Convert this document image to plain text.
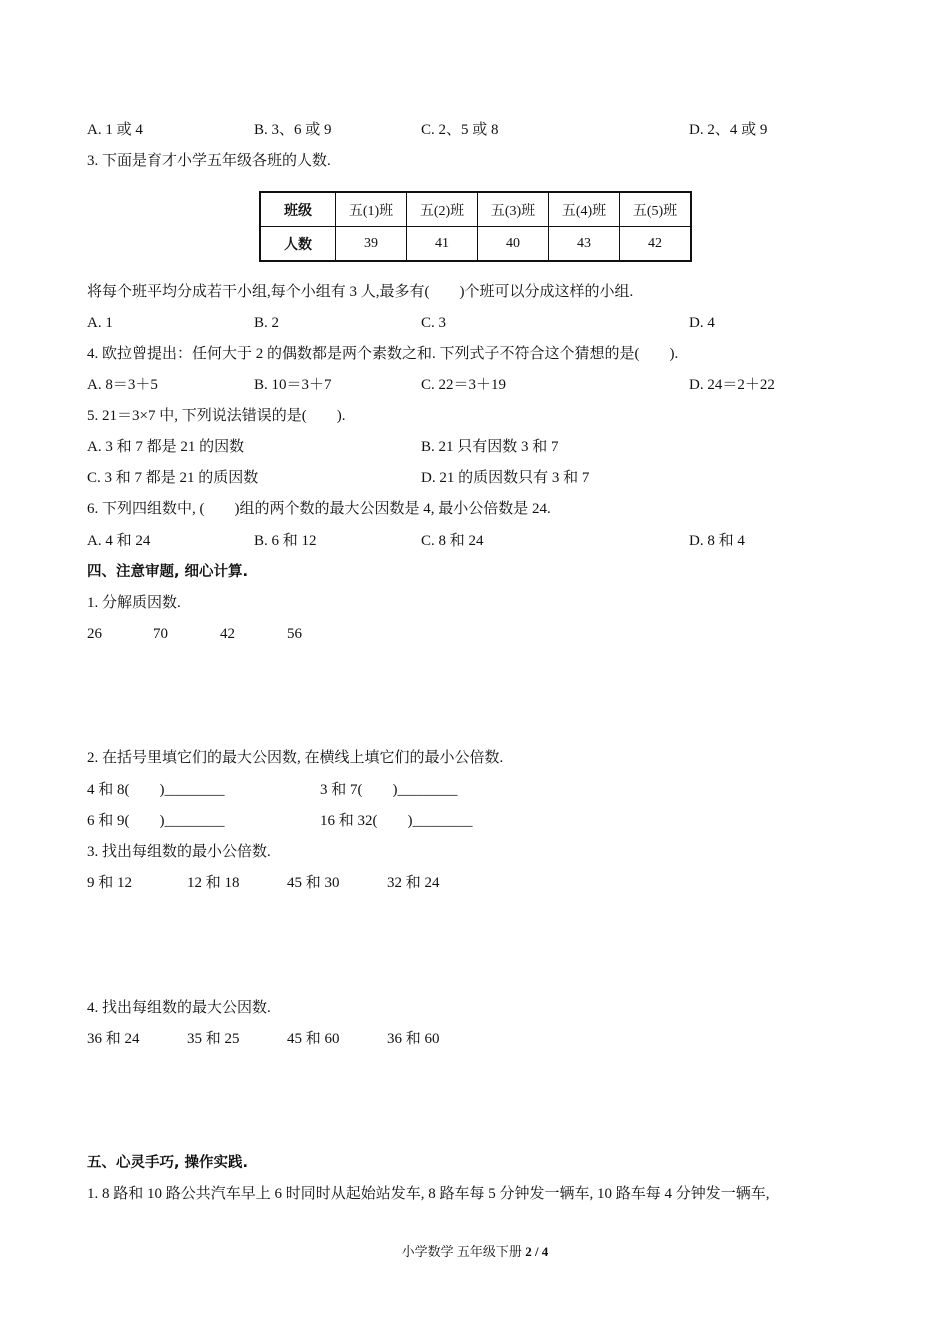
A. 1 或 4	B. 3、6 或 9	C. 2、5 或 8	D. 2、4 或 9
3. 下面是育才小学五年级各班的人数.
班级	五(1)班	五(2)班	五(3)班	五(4)班	五(5)班
人数	39	41	40	43	42
将每个班平均分成若干小组,每个小组有 3 人,最多有(　　)个班可以分成这样的小组.
A. 1	B. 2	C. 3	D. 4
4. 欧拉曾提出：任何大于 2 的偶数都是两个素数之和. 下列式子不符合这个猜想的是(　　).
A. 8＝3＋5	B. 10＝3＋7	C. 22＝3＋19	D. 24＝2＋22
5. 21＝3×7 中, 下列说法错误的是(　　).
A. 3 和 7 都是 21 的因数	B. 21 只有因数 3 和 7
C. 3 和 7 都是 21 的质因数	D. 21 的质因数只有 3 和 7
6. 下列四组数中, (　　)组的两个数的最大公因数是 4, 最小公倍数是 24.
A. 4 和 24	B. 6 和 12	C. 8 和 24	D. 8 和 4
四、注意审题, 细心计算.
1. 分解质因数.
26	70	42	56
2. 在括号里填它们的最大公因数, 在横线上填它们的最小公倍数.
4 和 8(　　)________	3 和 7(　　)________
6 和 9(　　)________	16 和 32(　　)________
3. 找出每组数的最小公倍数.
9 和 12	12 和 18	45 和 30	32 和 24
4. 找出每组数的最大公因数.
36 和 24	35 和 25	45 和 60	36 和 60
五、心灵手巧, 操作实践.
1. 8 路和 10 路公共汽车早上 6 时同时从起始站发车, 8 路车每 5 分钟发一辆车, 10 路车每 4 分钟发一辆车,
小学数学 五年级下册 2 / 4
